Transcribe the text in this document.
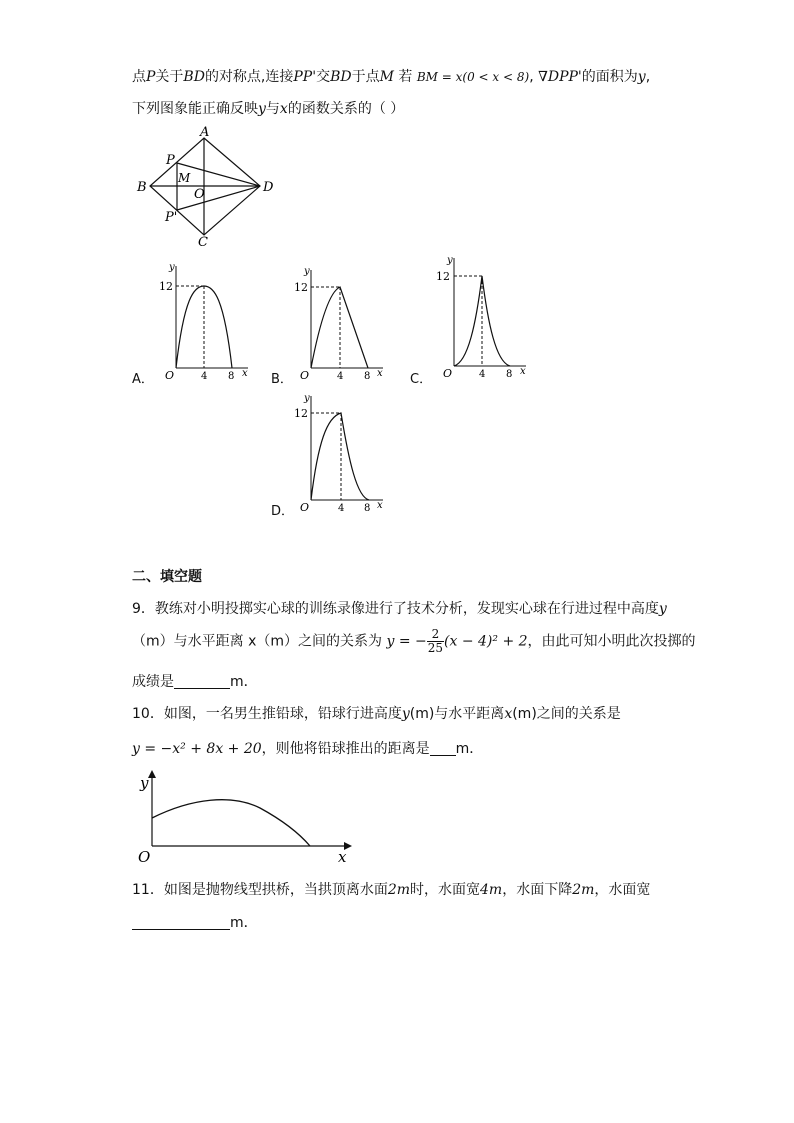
点P关于BD的对称点,连接PP'交BD于点M 若 BM = x(0 < x < 8), ∇DPP'的面积为y,
下列图象能正确反映y与x的函数关系的（ ）
A
B	D
C
O
P
M
P'
A．
y
12
O	4 8 x B．
y
12
O	4 8 x C．
y
12
O	4 8 x
D．
y
12
O	4 8 x
二、填空题
9．教练对小明投掷实心球的训练录像进行了技术分析，发现实心球在行进过程中高度y
（m）与水平距离 x（m）之间的关系为 y = − $\frac{2}{25} (x - 4)^2 + 2$，由此可知小明此次投掷的
成绩是	m．
10．如图，一名男生推铅球，铅球行进高度y(m)与水平距离x(m)之间的关系是
y = −x² + 8x + 20，则他将铅球推出的距离是 m．
y
x
O
11．如图是抛物线型拱桥，当拱顶离水面2m时，水面宽4m，水面下降2m，水面宽
m．
